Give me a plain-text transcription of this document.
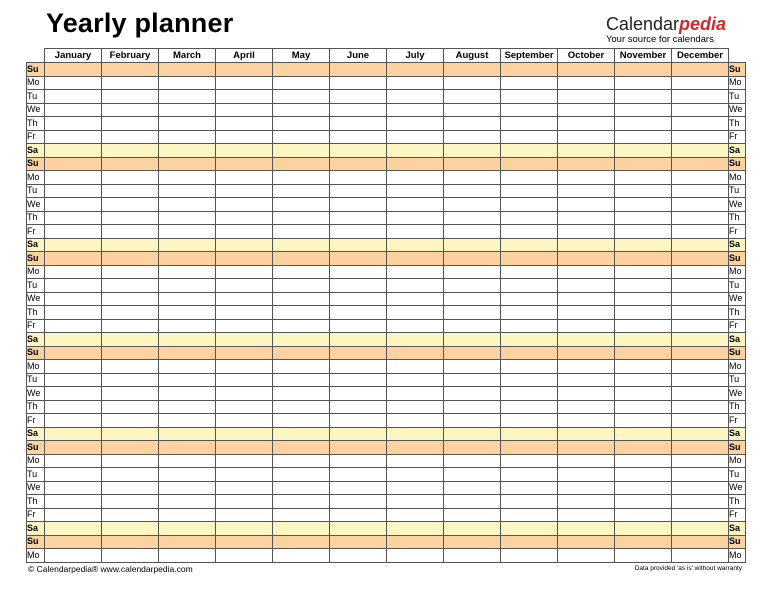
Yearly planner	Calendarpedia
Your source for calendars
	January	February	March	April	May	June	July	August	September	October	November	December	
Su													Su
Mo													Mo
Tu													Tu
We													We
Th													Th
Fr													Fr
Sa													Sa
Su													Su
Mo													Mo
Tu													Tu
We													We
Th													Th
Fr													Fr
Sa													Sa
Su													Su
Mo													Mo
Tu													Tu
We													We
Th													Th
Fr													Fr
Sa													Sa
Su													Su
Mo													Mo
Tu													Tu
We													We
Th													Th
Fr													Fr
Sa													Sa
Su													Su
Mo													Mo
Tu													Tu
We													We
Th													Th
Fr													Fr
Sa													Sa
Su													Su
Mo													Mo
© Calendarpedia® www.calendarpedia.com	Data provided 'as is' without warranty
